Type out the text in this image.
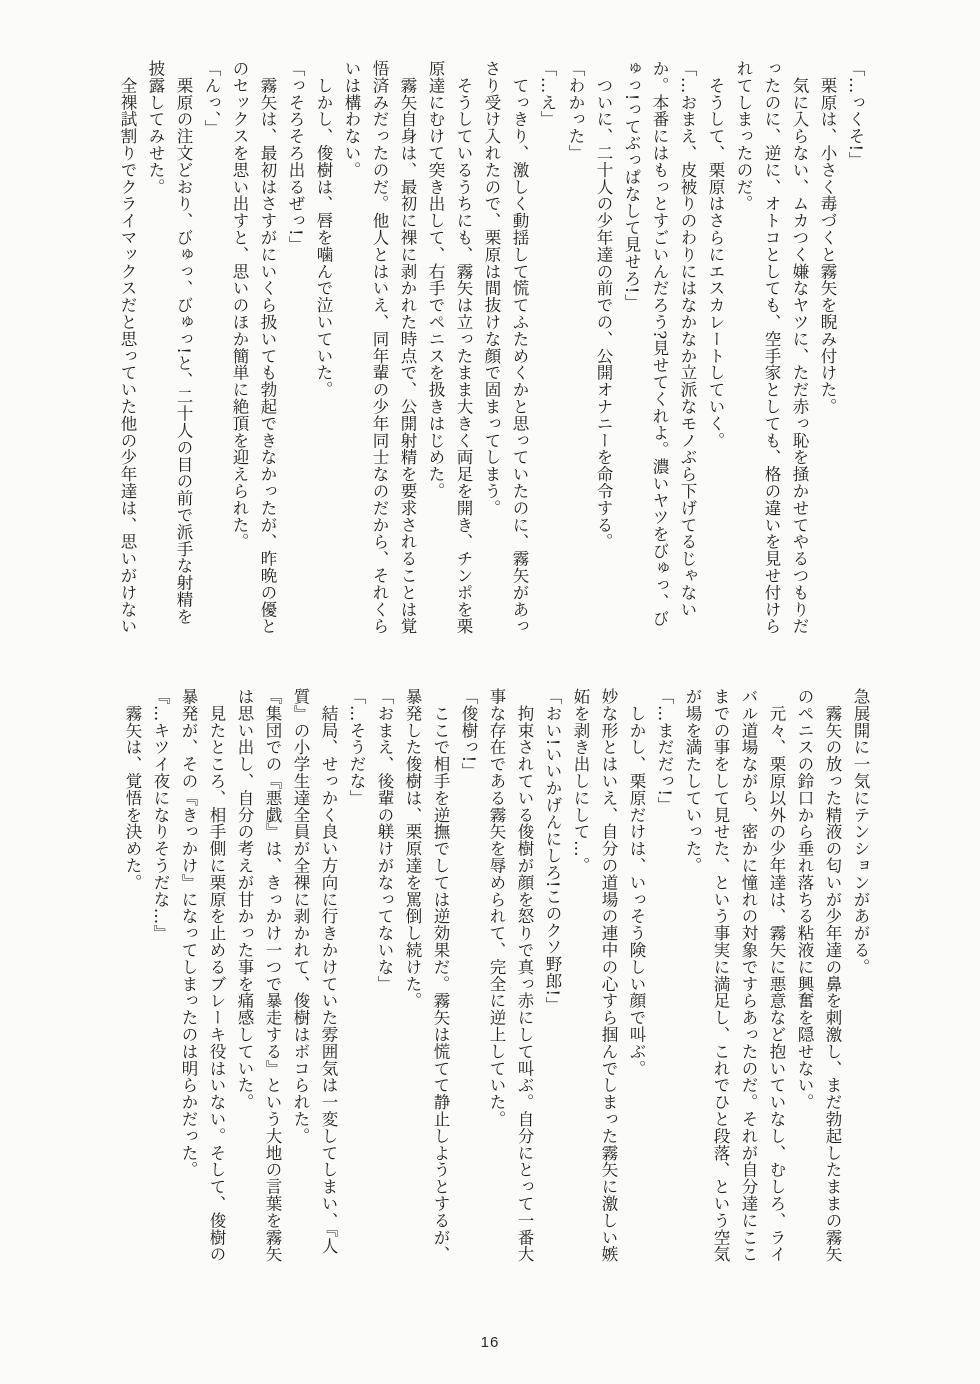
「…っくそ!」

　栗原は、小さく毒づくと霧矢を睨み付けた。

　気に入らない、ムカつく嫌なヤツに、ただ赤っ恥を掻かせてやるつもりだ

ったのに、逆に、オトコとしても、空手家としても、格の違いを見せ付けら

れてしまったのだ。

　そうして、栗原はさらにエスカレートしていく。

「…おまえ、皮被りのわりにはなかなか立派なモノぶら下げてるじゃない

か。本番にはもっとすごいんだろう?見せてくれよ。濃いヤツをびゅっ、び

ゅっ!ってぶっぱなして見せろ!」

　ついに、二十人の少年達の前での、公開オナニーを命令する。

「わかった」

「…え」

　てっきり、激しく動揺して慌てふためくかと思っていたのに、霧矢があっ

さり受け入れたので、栗原は間抜けな顔で固まってしまう。

　そうしているうちにも、霧矢は立ったまま大きく両足を開き、チンポを栗

原達にむけて突き出して、右手でペニスを扱きはじめた。

　霧矢自身は、最初に裸に剥かれた時点で、公開射精を要求されることは覚

悟済みだったのだ。他人とはいえ、同年輩の少年同士なのだから、それくら

いは構わない。

　しかし、俊樹は、唇を噛んで泣いていた。

「っそろそろ出るぜっ!」

　霧矢は、最初はさすがにいくら扱いても勃起できなかったが、昨晩の優と

のセックスを思い出すと、思いのほか簡単に絶頂を迎えられた。

「んっ、」

　栗原の注文どおり、びゅっ、びゅっ!と、二十人の目の前で派手な射精を

披露してみせた。

　全裸試割りでクライマックスだと思っていた他の少年達は、思いがけない

急展開に一気にテンションがあがる。

　霧矢の放った精液の匂いが少年達の鼻を刺激し、まだ勃起したままの霧矢

のペニスの鈴口から垂れ落ちる粘液に興奮を隠せない。

　元々、栗原以外の少年達は、霧矢に悪意など抱いていなし、むしろ、ライ

バル道場ながら、密かに憧れの対象ですらあったのだ。それが自分達にここ

までの事をして見せた、という事実に満足し、これでひと段落、という空気

が場を満たしていった。

「…まだだっ!」

　しかし、栗原だけは、いっそう険しい顔で叫ぶ。

妙な形とはいえ、自分の道場の連中の心すら掴んでしまった霧矢に激しい嫉

妬を剥き出しにして…。

「おい!いいかげんにしろ!このクソ野郎!」

　拘束されている俊樹が顔を怒りで真っ赤にして叫ぶ。自分にとって一番大

事な存在である霧矢を辱められて、完全に逆上していた。

「俊樹っ!」

　ここで相手を逆撫でしては逆効果だ。霧矢は慌てて静止しようとするが、

暴発した俊樹は、栗原達を罵倒し続けた。

「おまえ、後輩の躾けがなってないな」

「…そうだな」

　結局、せっかく良い方向に行きかけていた雰囲気は一変してしまい、『人

質』の小学生達全員が全裸に剥かれて、俊樹はボコられた。

『集団での『悪戯』は、きっかけ一つで暴走する』という大地の言葉を霧矢

は思い出し、自分の考えが甘かった事を痛感していた。

　見たところ、相手側に栗原を止めるブレーキ役はいない。そして、俊樹の

暴発が、その『きっかけ』になってしまったのは明らかだった。

『…キツイ夜になりそうだな…』

　霧矢は、覚悟を決めた。

16
